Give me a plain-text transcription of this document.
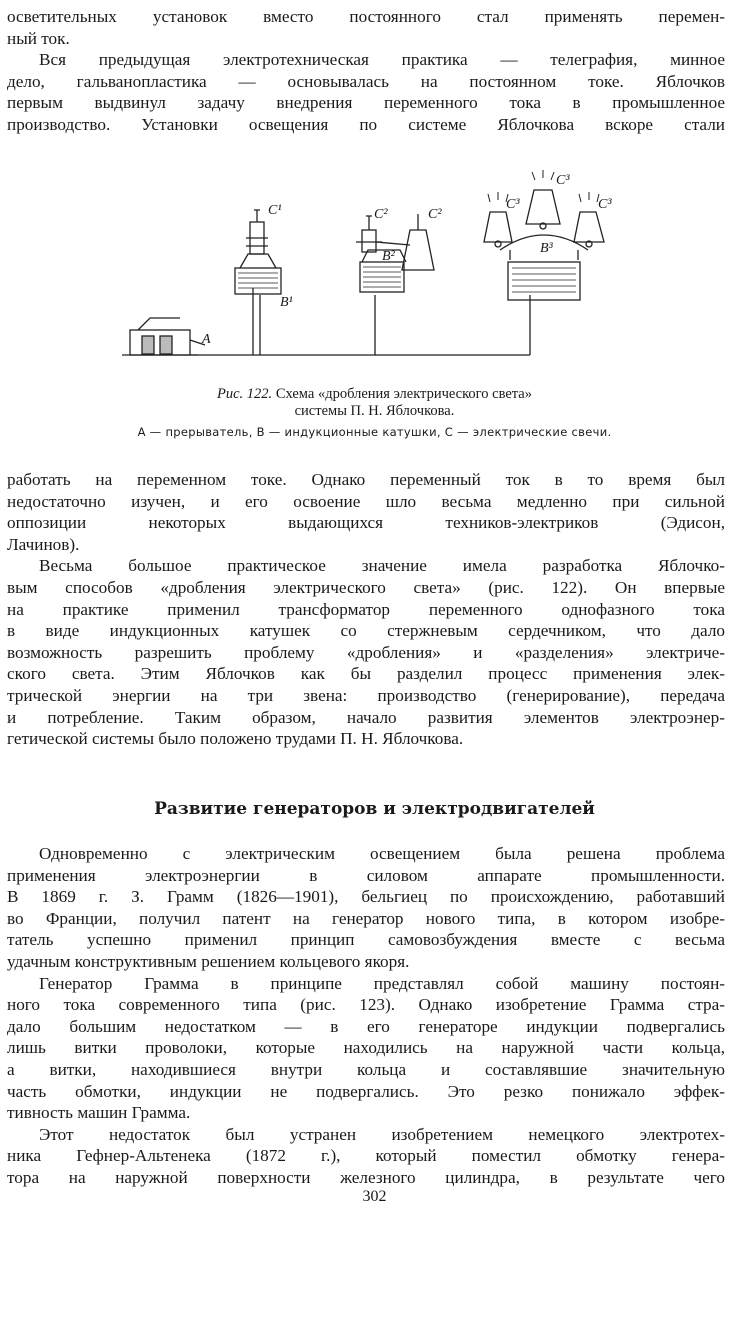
осветительных установок вместо постоянного стал применять перемен-
ный ток.
Вся предыдущая электротехническая практика — телеграфия, минное
дело, гальванопластика — основывалась на постоянном токе. Яблочков
первым выдвинул задачу внедрения переменного тока в промышленное
производство. Установки освещения по системе Яблочкова вскоре стали
A
C¹
B¹
C²	C²
B²
C³
C³
C³
B³
Рис. 122. Схема «дробления электрического света»
системы П. Н. Яблочкова.
А — прерыватель, В — индукционные катушки, С — электрические свечи.
работать на переменном токе. Однако переменный ток в то время был
недостаточно изучен, и его освоение шло весьма медленно при сильной
оппозиции некоторых выдающихся техников-электриков (Эдисон,
Лачинов).
Весьма большое практическое значение имела разработка Яблочко-
вым способов «дробления электрического света» (рис. 122). Он впервые
на практике применил трансформатор переменного однофазного тока
в виде индукционных катушек со стержневым сердечником, что дало
возможность разрешить проблему «дробления» и «разделения» электриче-
ского света. Этим Яблочков как бы разделил процесс применения элек-
трической энергии на три звена: производство (генерирование), передача
и потребление. Таким образом, начало развития элементов электроэнер-
гетической системы было положено трудами П. Н. Яблочкова.
Развитие генераторов и электродвигателей
Одновременно с электрическим освещением была решена проблема
применения электроэнергии в силовом аппарате промышленности.
В 1869 г. З. Грамм (1826—1901), бельгиец по происхождению, работавший
во Франции, получил патент на генератор нового типа, в котором изобре-
татель успешно применил принцип самовозбуждения вместе с весьма
удачным конструктивным решением кольцевого якоря.
Генератор Грамма в принципе представлял собой машину постоян-
ного тока современного типа (рис. 123). Однако изобретение Грамма стра-
дало большим недостатком — в его генераторе индукции подвергались
лишь витки проволоки, которые находились на наружной части кольца,
а витки, находившиеся внутри кольца и составлявшие значительную
часть обмотки, индукции не подвергались. Это резко понижало эффек-
тивность машин Грамма.
Этот недостаток был устранен изобретением немецкого электротех-
ника Гефнер-Альтенека (1872 г.), который поместил обмотку генера-
тора на наружной поверхности железного цилиндра, в результате чего
302
